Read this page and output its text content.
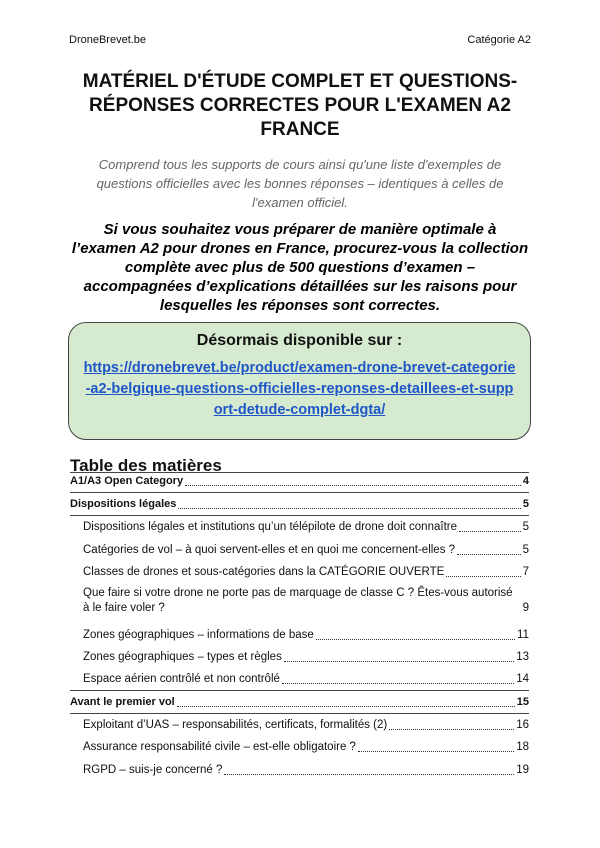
DroneBrevet.be	Catégorie A2
MATÉRIEL D'ÉTUDE COMPLET ET QUESTIONS-RÉPONSES CORRECTES POUR L'EXAMEN A2 FRANCE
Comprend tous les supports de cours ainsi qu'une liste d'exemples de questions officielles avec les bonnes réponses – identiques à celles de l'examen officiel.
Si vous souhaitez vous préparer de manière optimale à l’examen A2 pour drones en France, procurez-vous la collection complète avec plus de 500 questions d’examen – accompagnées d’explications détaillées sur les raisons pour lesquelles les réponses sont correctes.
Désormais disponible sur :
https://dronebrevet.be/product/examen-drone-brevet-categorie-a2-belgique-questions-officielles-reponses-detaillees-et-support-detude-complet-dgta/
Table des matières
A1/A3 Open Category	4
Dispositions légales	5
Dispositions légales et institutions qu’un télépilote de drone doit connaître	5
Catégories de vol – à quoi servent-elles et en quoi me concernent-elles ?	5
Classes de drones et sous-catégories dans la CATÉGORIE OUVERTE	7
Que faire si votre drone ne porte pas de marquage de classe C ? Êtes-vous autorisé à le faire voler ?	9
Zones géographiques – informations de base	11
Zones géographiques – types et règles	13
Espace aérien contrôlé et non contrôlé	14
Avant le premier vol	15
Exploitant d’UAS – responsabilités, certificats, formalités (2)	16
Assurance responsabilité civile – est-elle obligatoire ?	18
RGPD – suis-je concerné ?	19
